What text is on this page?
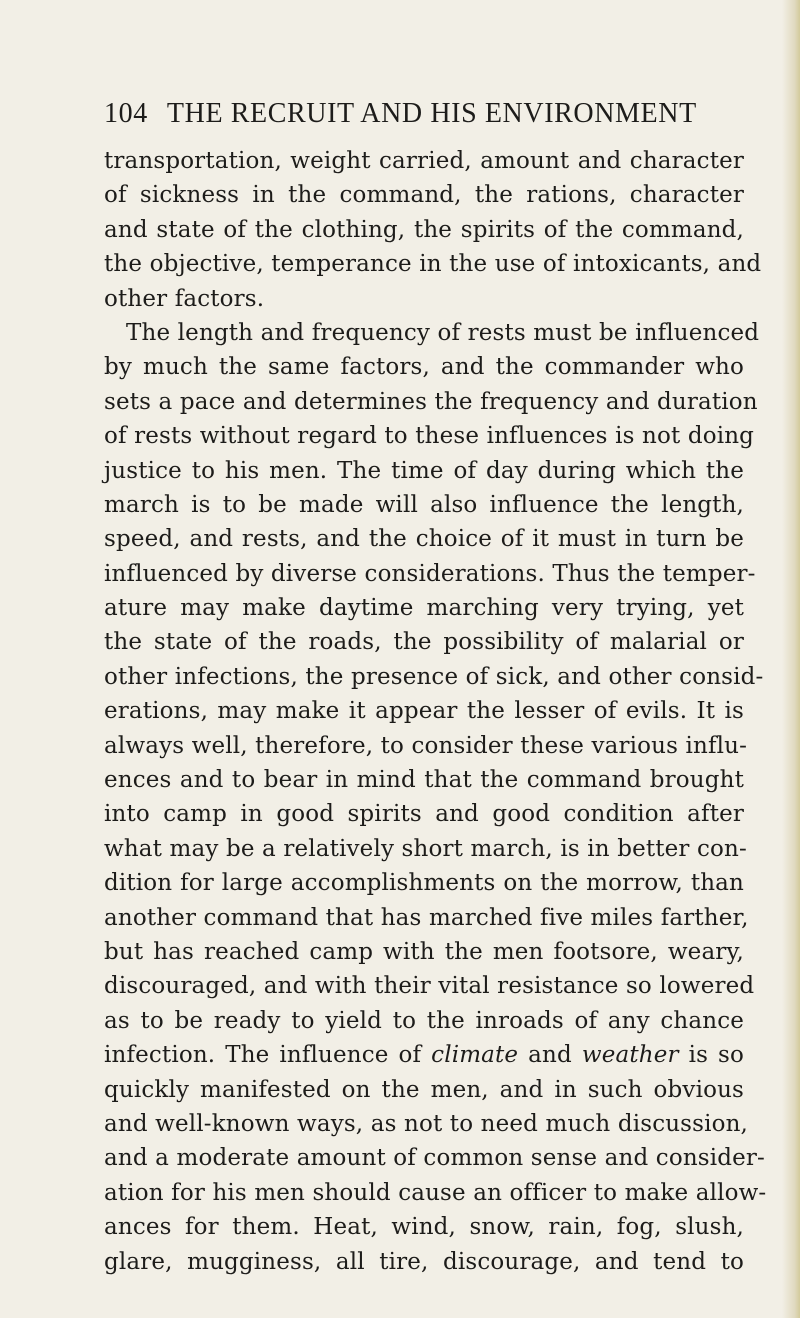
104 THE RECRUIT AND HIS ENVIRONMENT
transportation, weight carried, amount and character
of sickness in the command, the rations, character
and state of the clothing, the spirits of the command,
the objective, temperance in the use of intoxicants, and
other factors.
The length and frequency of rests must be influenced
by much the same factors, and the commander who
sets a pace and determines the frequency and duration
of rests without regard to these influences is not doing
justice to his men. The time of day during which the
march is to be made will also influence the length,
speed, and rests, and the choice of it must in turn be
influenced by diverse considerations. Thus the temper-
ature may make daytime marching very trying, yet
the state of the roads, the possibility of malarial or
other infections, the presence of sick, and other consid-
erations, may make it appear the lesser of evils. It is
always well, therefore, to consider these various influ-
ences and to bear in mind that the command brought
into camp in good spirits and good condition after
what may be a relatively short march, is in better con-
dition for large accomplishments on the morrow, than
another command that has marched five miles farther,
but has reached camp with the men footsore, weary,
discouraged, and with their vital resistance so lowered
as to be ready to yield to the inroads of any chance
infection. The influence of climate and weather is so
quickly manifested on the men, and in such obvious
and well-known ways, as not to need much discussion,
and a moderate amount of common sense and consider-
ation for his men should cause an officer to make allow-
ances for them. Heat, wind, snow, rain, fog, slush,
glare, mugginess, all tire, discourage, and tend to
